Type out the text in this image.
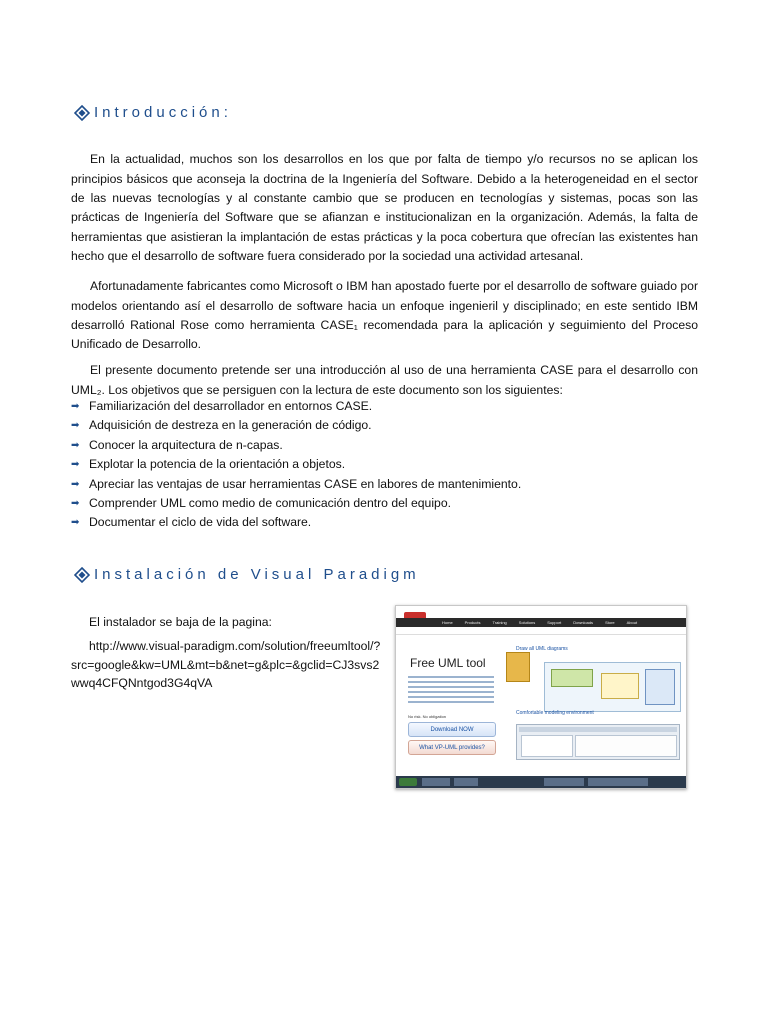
Introducción:

En la actualidad, muchos son los desarrollos en los que por falta de tiempo y/o recursos no se aplican los principios básicos que aconseja la doctrina de la Ingeniería del Software. Debido a la heterogeneidad en el sector de las nuevas tecnologías y al constante cambio que se producen en tecnologías y sistemas, pocas son las prácticas de Ingeniería del Software que se afianzan e institucionalizan en la organización. Además, la falta de herramientas que asistieran la implantación de estas prácticas y la poca cobertura que ofrecían las existentes han hecho que el desarrollo de software fuera considerado por la sociedad una actividad artesanal.

Afortunadamente fabricantes como Microsoft o IBM han apostado fuerte por el desarrollo de software guiado por modelos orientando así el desarrollo de software hacia un enfoque ingenieril y disciplinado; en este sentido IBM desarrolló Rational Rose como herramienta CASE₁ recomendada para la aplicación y seguimiento del Proceso Unificado de Desarrollo.

El presente documento pretende ser una introducción al uso de una herramienta CASE para el desarrollo con UML₂. Los objetivos que se persiguen con la lectura de este documento son los siguientes:

➡ Familiarización del desarrollador en entornos CASE.
➡ Adquisición de destreza en la generación de código.
➡ Conocer la arquitectura de n-capas.
➡ Explotar la potencia de la orientación a objetos.
➡ Apreciar las ventajas de usar herramientas CASE en labores de mantenimiento.
➡ Comprender UML como medio de comunicación dentro del equipo.
➡ Documentar el ciclo de vida del software.
Instalación de Visual Paradigm
El instalador se baja de la pagina:
http://www.visual-paradigm.com/solution/freeumltool/?src=google&kw=UML&mt=b&net=g&plc=&gclid=CJ3svs2wwq4CFQNntgod3G4qVA
Home	Products	Training	Solutions	Support	Downloads	Store	About
Free UML tool
No risk. No obligation
Download NOW
What VP-UML provides?
Draw all UML diagrams
Comfortable modeling environment
